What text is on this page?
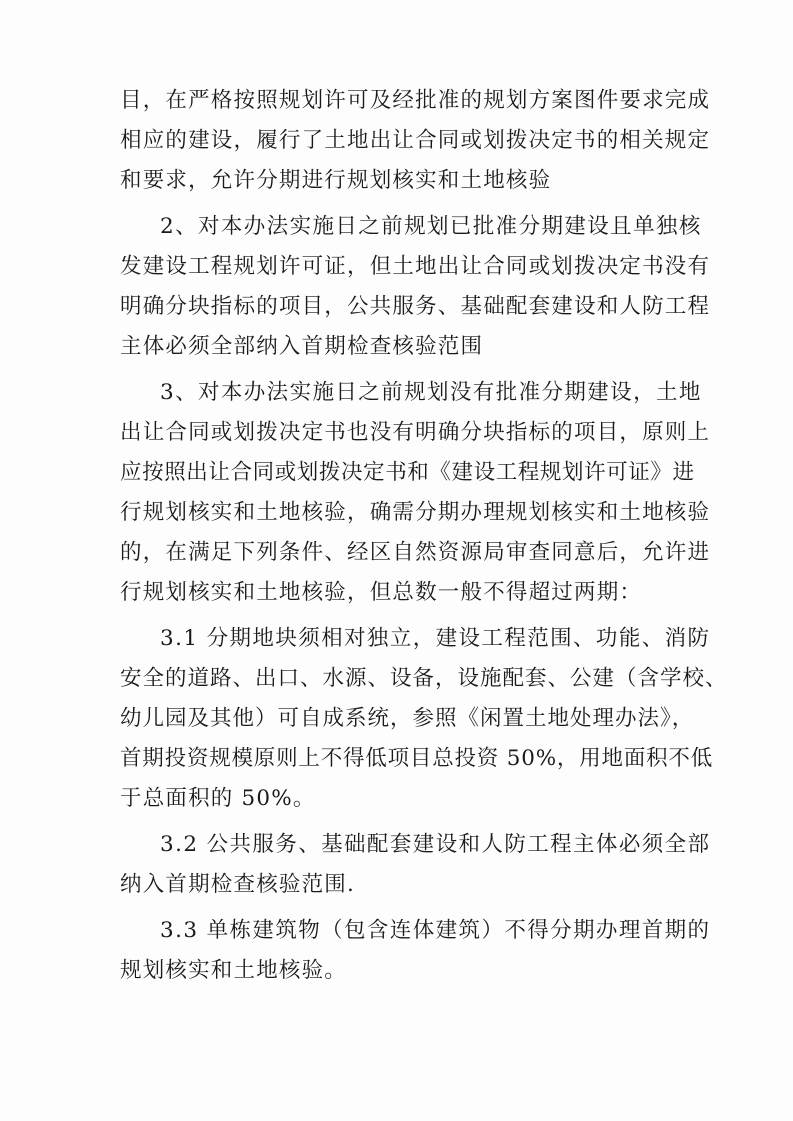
目，在严格按照规划许可及经批准的规划方案图件要求完成
相应的建设，履行了土地出让合同或划拨决定书的相关规定
和要求，允许分期进行规划核实和土地核验
2、对本办法实施日之前规划已批准分期建设且单独核
发建设工程规划许可证，但土地出让合同或划拨决定书没有
明确分块指标的项目，公共服务、基础配套建设和人防工程
主体必须全部纳入首期检查核验范围
3、对本办法实施日之前规划没有批准分期建设，土地
出让合同或划拨决定书也没有明确分块指标的项目，原则上
应按照出让合同或划拨决定书和《建设工程规划许可证》进
行规划核实和土地核验，确需分期办理规划核实和土地核验
的，在满足下列条件、经区自然资源局审查同意后，允许进
行规划核实和土地核验，但总数一般不得超过两期：
3.1 分期地块须相对独立，建设工程范围、功能、消防
安全的道路、出口、水源、设备，设施配套、公建（含学校、
幼儿园及其他）可自成系统，参照《闲置土地处理办法》，
首期投资规模原则上不得低项目总投资 50%，用地面积不低
于总面积的 50%。
3.2 公共服务、基础配套建设和人防工程主体必须全部
纳入首期检查核验范围.
3.3 单栋建筑物（包含连体建筑）不得分期办理首期的
规划核实和土地核验。
